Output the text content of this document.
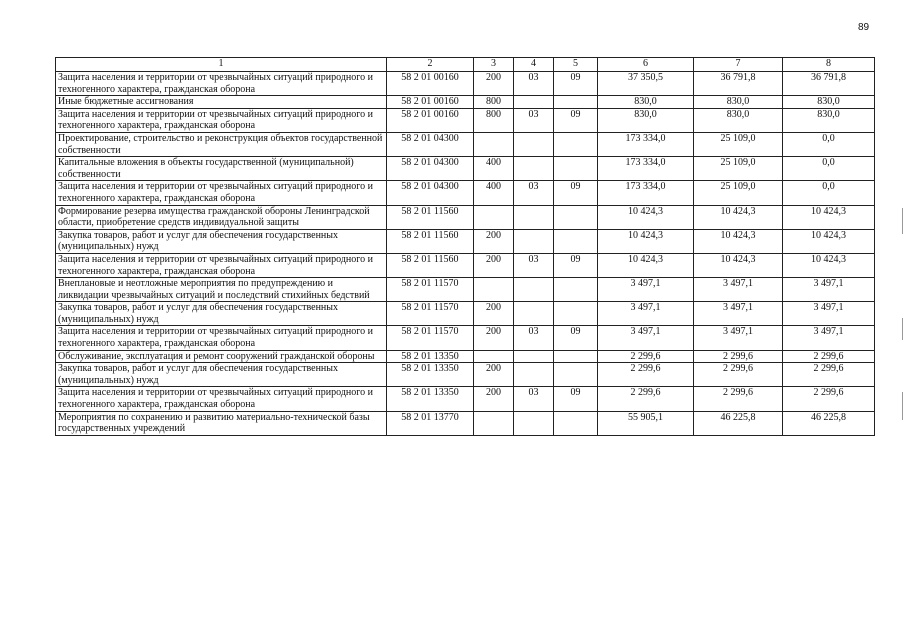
89
1	2	3	4	5	6	7	8
Защита населения и территории от чрезвычайных ситуаций природного и техногенного характера, гражданская оборона	58 2 01 00160	200	03	09	37 350,5	36 791,8	36 791,8
Иные бюджетные ассигнования	58 2 01 00160	800			830,0	830,0	830,0
Защита населения и территории от чрезвычайных ситуаций природного и техногенного характера, гражданская оборона	58 2 01 00160	800	03	09	830,0	830,0	830,0
Проектирование, строительство и реконструкция объектов государственной собственности	58 2 01 04300				173 334,0	25 109,0	0,0
Капитальные вложения в объекты государственной (муниципальной) собственности	58 2 01 04300	400			173 334,0	25 109,0	0,0
Защита населения и территории от чрезвычайных ситуаций природного и техногенного характера, гражданская оборона	58 2 01 04300	400	03	09	173 334,0	25 109,0	0,0
Формирование резерва имущества гражданской обороны Ленинградской области, приобретение средств индивидуальной защиты	58 2 01 11560				10 424,3	10 424,3	10 424,3
Закупка товаров, работ и услуг для обеспечения государственных (муниципальных) нужд	58 2 01 11560	200			10 424,3	10 424,3	10 424,3
Защита населения и территории от чрезвычайных ситуаций природного и техногенного характера, гражданская оборона	58 2 01 11560	200	03	09	10 424,3	10 424,3	10 424,3
Внеплановые и неотложные мероприятия по предупреждению и ликвидации чрезвычайных ситуаций и последствий стихийных бедствий	58 2 01 11570				3 497,1	3 497,1	3 497,1
Закупка товаров, работ и услуг для обеспечения государственных (муниципальных) нужд	58 2 01 11570	200			3 497,1	3 497,1	3 497,1
Защита населения и территории от чрезвычайных ситуаций природного и техногенного характера, гражданская оборона	58 2 01 11570	200	03	09	3 497,1	3 497,1	3 497,1
Обслуживание, эксплуатация и ремонт сооружений гражданской обороны	58 2 01 13350				2 299,6	2 299,6	2 299,6
Закупка товаров, работ и услуг для обеспечения государственных (муниципальных) нужд	58 2 01 13350	200			2 299,6	2 299,6	2 299,6
Защита населения и территории от чрезвычайных ситуаций природного и техногенного характера, гражданская оборона	58 2 01 13350	200	03	09	2 299,6	2 299,6	2 299,6
Мероприятия по сохранению и развитию материально-технической базы государственных учреждений	58 2 01 13770				55 905,1	46 225,8	46 225,8
